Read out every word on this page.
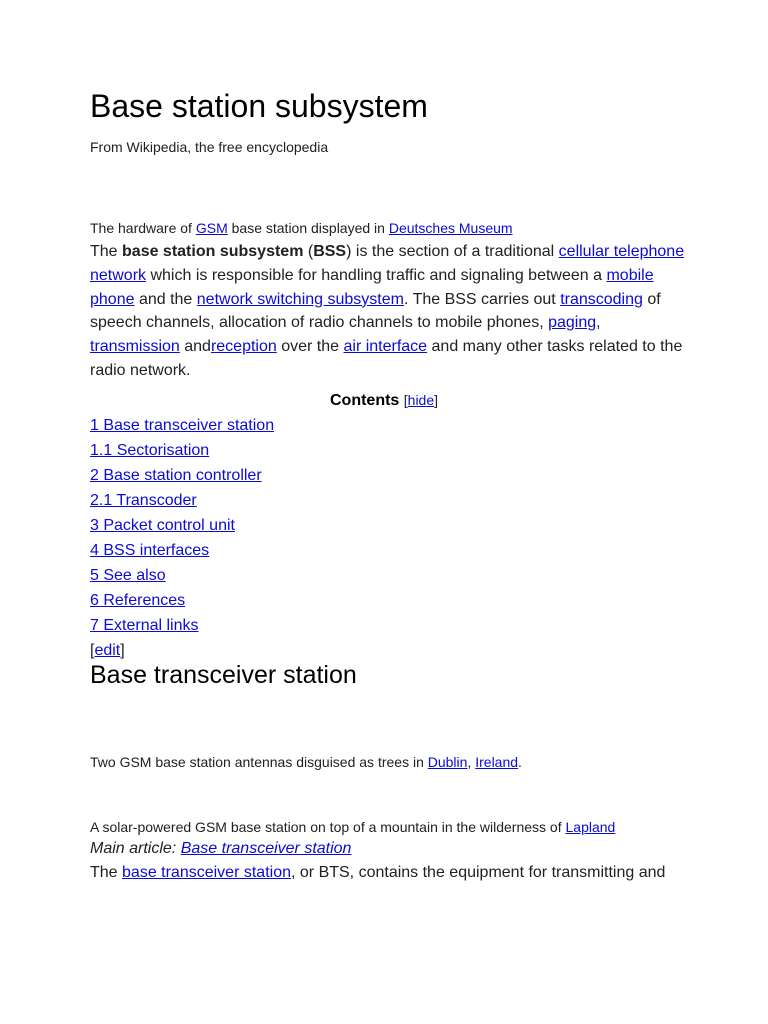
Base station subsystem
From Wikipedia, the free encyclopedia
The hardware of GSM base station displayed in Deutsches Museum

The base station subsystem (BSS) is the section of a traditional cellular telephone network which is responsible for handling traffic and signaling between a mobile phone and the network switching subsystem. The BSS carries out transcoding of speech channels, allocation of radio channels to mobile phones, paging, transmission andreception over the air interface and many other tasks related to the radio network.

Contents [hide]
1 Base transceiver station
1.1 Sectorisation
2 Base station controller
2.1 Transcoder
3 Packet control unit
4 BSS interfaces
5 See also
6 References
7 External links
[edit]
Base transceiver station
Two GSM base station antennas disguised as trees in Dublin, Ireland.
A solar-powered GSM base station on top of a mountain in the wilderness of Lapland
Main article: Base transceiver station
The base transceiver station, or BTS, contains the equipment for transmitting and
